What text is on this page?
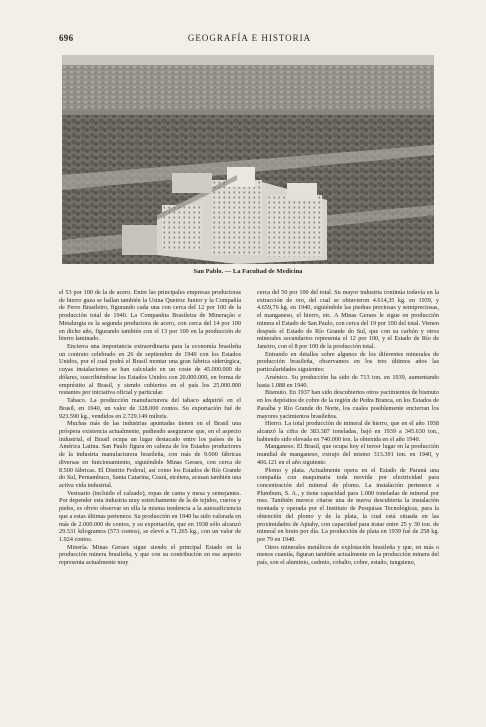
696	GEOGRAFÍA E HISTORIA
San Pablo. — La Facultad de Medicina

el 53 por 100 de la de acero. Entre las principales empresas productoras de hierro guza se hallan también la Usina Queiroz Junior y la Compañía de Ferro Brasileiro, figurando cada una con cerca del 12 por 100 de la producción total de 1940. La Companhia Brasileira de Mineração e Metalurgia es la segunda productora de acero, con cerca del 14 por 100 en dicho año, figurando también con el 13 por 100 en la producción de hierro laminado.

Encierra una importancia extraordinaria para la economía brasileña un contrato celebrado en 26 de septiembre de 1940 con los Estados Unidos, por el cual podrá el Brasil montar una gran fábrica siderúrgica, cuyas instalaciones se han calculado en un coste de 45.000.000 de dólares, suscribiéndose los Estados Unidos con 20.000.000, en forma de empréstito al Brasil, y siendo cubiertos en el país los 25.000.000 restantes por iniciativa oficial y particular.

Tabaco. La producción manufacturera del tabaco adquirió en el Brasil, en 1940, un valor de 328.000 contos. Su exportación fué de 923.590 kg., vendidos en 2.729.149 milreis.

Muchas más de las industrias apuntadas tienen en el Brasil una próspera existencia actualmente, pudiendo asegurarse que, en el aspecto industrial, el Brasil ocupa un lugar destacado entre los países de la América Latina. San Paulo figura en cabeza de los Estados productores de la industria manufacturera brasileña, con más de 9.000 fábricas diversas en funcionamiento, siguiéndole Minas Geraes, con cerca de 8.500 fábricas. El Distrito Federal, así como los Estados de Río Grande do Sul, Pernambuco, Santa Catarina, Ceará, etcétera, acusan también una activa vida industrial.

Vestuario (incluido el calzado), ropas de cama y mesa y semejantes. Por depender esta industria muy estrechamente de la de tejidos, cueros y pieles, es obvio observar en ella la misma tendencia a la autosuficiencia que a estas últimas pertenece. Su producción en 1940 ha sido valorada en más de 2.000.000 de contos, y su exportación, que en 1938 sólo alcanzó 29.531 kilogramos (573 contos), se elevó a 71.265 kg., con un valor de 1.924 contos.

Minería. Minas Geraes sigue siendo el principal Estado en la producción minera brasileña, y que con su contribución en ese aspecto representa actualmente muy

cerca del 50 por 100 del total. Su mayor industria continúa todavía en la extracción de oro, del cual se obtuvieron 4.614,35 kg. en 1939, y 4.659,76 kg. en 1940, siguiéndole las piedras preciosas y semipreciosas, el manganeso, el hierro, etc. A Minas Geraes le sigue en producción minera el Estado de San Paulo, con cerca del 19 por 100 del total. Vienen después el Estado de Río Grande do Sul, que con su carbón y otros minerales secundarios representa el 12 por 100, y el Estado de Río de Janeiro, con el 8 por 100 de la producción total.

Entrando en detalles sobre algunos de los diferentes minerales de producción brasileña, observamos en los tres últimos años las particularidades siguientes:

Arsénico. Su producción ha sido de 713 ton. en 1939, aumentando hasta 1.088 en 1940.

Bismuto. En 1937 han sido descubiertos otros yacimientos de bismuto en los depósitos de cobre de la región de Pedra Branca, en los Estados de Paraíba y Río Grande do Norte, los cuales posiblemente encierran los mayores yacimientos brasileños.

Hierro. La total producción de mineral de hierro, que en el año 1938 alcanzó la cifra de 383.387 toneladas, bajó en 1939 a 345.630 ton., habiendo sido elevada en 740.000 ton. la obtenida en el año 1940.

Manganeso. El Brasil, que ocupa hoy el tercer lugar en la producción mundial de manganeso, extrajo del mismo 313.391 ton. en 1940, y 466.121 en el año siguiente.

Plomo y plata. Actualmente opera en el Estado de Paraná una compañía con maquinaria toda movida por electricidad para concentración del mineral de plomo. La instalación pertenece a Plumbum, S. A., y tiene capacidad para 1.000 toneladas de mineral por mes. También merece citarse una de nueva descubierta la instalación montada y operada por el Instituto de Pesquisas Tecnológicas, para la obtención del plomo y de la plata, la cual está situada en las proximidades de Apiahy, con capacidad para tratar entre 25 y 30 ton. de mineral en bruto por día. La producción de plata en 1939 fué de 258 kg. por 79 en 1940.

Otros minerales metálicos de explotación brasileña y que, en más o menos cuantía, figuran también actualmente en la producción minera del país, son el aluminio, cadmio, cobalto, cobre, estaño, tungsteno,
